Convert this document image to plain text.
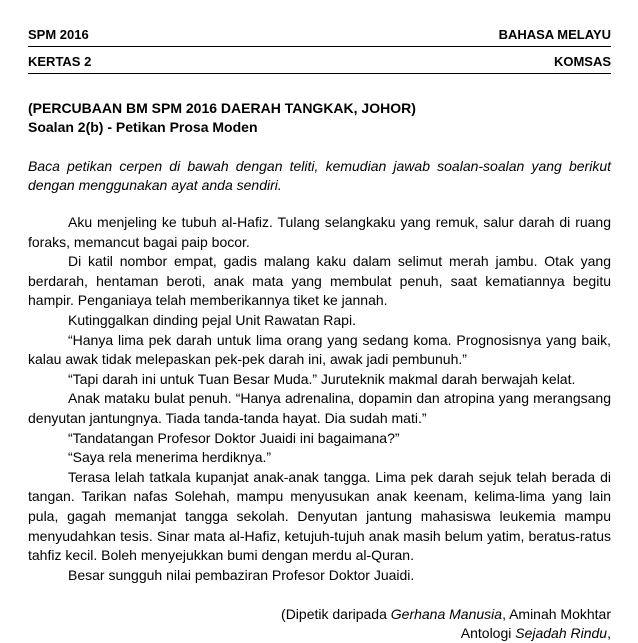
SPM 2016	BAHASA MELAYU
KERTAS 2	KOMSAS
(PERCUBAAN BM SPM 2016 DAERAH TANGKAK, JOHOR)
Soalan 2(b) - Petikan Prosa Moden
Baca petikan cerpen di bawah dengan teliti, kemudian jawab soalan-soalan yang berikut dengan menggunakan ayat anda sendiri.

Aku menjeling ke tubuh al-Hafiz. Tulang selangkaku yang remuk, salur darah di ruang foraks, memancut bagai paip bocor.

Di katil nombor empat, gadis malang kaku dalam selimut merah jambu. Otak yang berdarah, hentaman beroti, anak mata yang membulat penuh, saat kematiannya begitu hampir. Penganiaya telah memberikannya tiket ke jannah.

Kutinggalkan dinding pejal Unit Rawatan Rapi.

“Hanya lima pek darah untuk lima orang yang sedang koma. Prognosisnya yang baik, kalau awak tidak melepaskan pek-pek darah ini, awak jadi pembunuh.”

“Tapi darah ini untuk Tuan Besar Muda.” Juruteknik makmal darah berwajah kelat.

Anak mataku bulat penuh. “Hanya adrenalina, dopamin dan atropina yang merangsang denyutan jantungnya. Tiada tanda-tanda hayat. Dia sudah mati.”

“Tandatangan Profesor Doktor Juaidi ini bagaimana?”

“Saya rela menerima herdiknya.”

Terasa lelah tatkala kupanjat anak-anak tangga. Lima pek darah sejuk telah berada di tangan. Tarikan nafas Solehah, mampu menyusukan anak keenam, kelima-lima yang lain pula, gagah memanjat tangga sekolah. Denyutan jantung mahasiswa leukemia mampu menyudahkan tesis. Sinar mata al-Hafiz, ketujuh-tujuh anak masih belum yatim, beratus-ratus tahfiz kecil. Boleh menyejukkan bumi dengan merdu al-Quran.

Besar sungguh nilai pembaziran Profesor Doktor Juaidi.

(Dipetik daripada Gerhana Manusia, Aminah Mokhtar
Antologi Sejadah Rindu,
